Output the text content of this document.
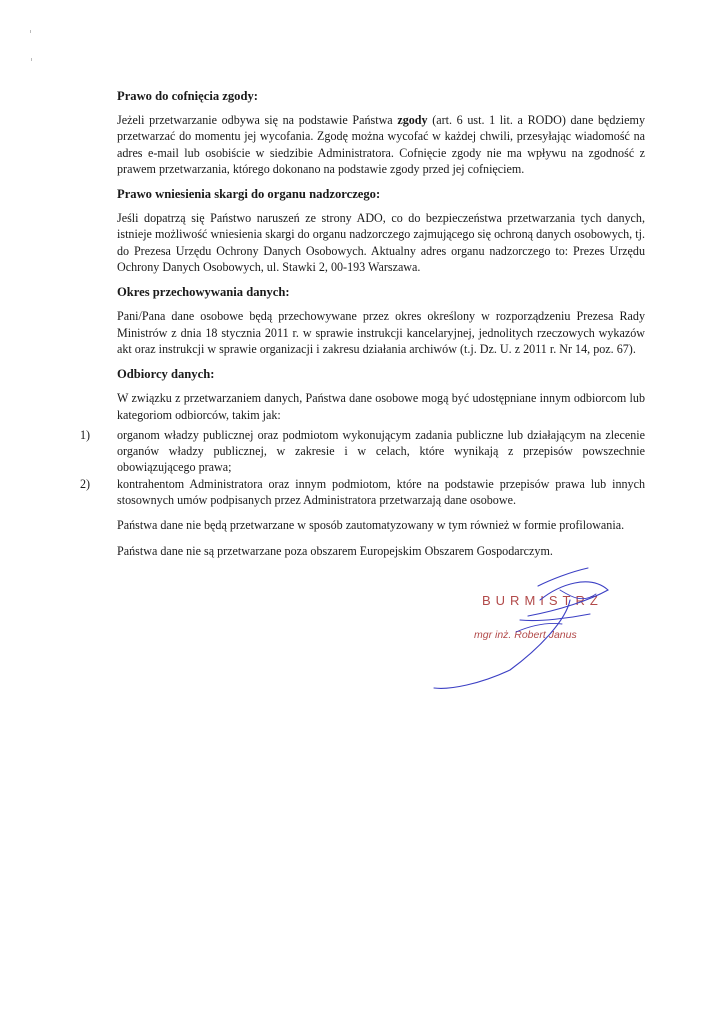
Prawo do cofnięcia zgody:

Jeżeli przetwarzanie odbywa się na podstawie Państwa zgody (art. 6 ust. 1 lit. a RODO) dane będziemy przetwarzać do momentu jej wycofania. Zgodę można wycofać w każdej chwili, przesyłając wiadomość na adres e-mail lub osobiście w siedzibie Administratora. Cofnięcie zgody nie ma wpływu na zgodność z prawem przetwarzania, którego dokonano na podstawie zgody przed jej cofnięciem.

Prawo wniesienia skargi do organu nadzorczego:

Jeśli dopatrzą się Państwo naruszeń ze strony ADO, co do bezpieczeństwa przetwarzania tych danych, istnieje możliwość wniesienia skargi do organu nadzorczego zajmującego się ochroną danych osobowych, tj. do Prezesa Urzędu Ochrony Danych Osobowych. Aktualny adres organu nadzorczego to: Prezes Urzędu Ochrony Danych Osobowych, ul. Stawki 2, 00-193 Warszawa.

Okres przechowywania danych:

Pani/Pana dane osobowe będą przechowywane przez okres określony w rozporządzeniu Prezesa Rady Ministrów z dnia 18 stycznia 2011 r. w sprawie instrukcji kancelaryjnej, jednolitych rzeczowych wykazów akt oraz instrukcji w sprawie organizacji i zakresu działania archiwów (t.j. Dz. U. z 2011 r. Nr 14, poz. 67).

Odbiorcy danych:

W związku z przetwarzaniem danych, Państwa dane osobowe mogą być udostępniane innym odbiorcom lub kategoriom odbiorców, takim jak:

1) organom władzy publicznej oraz podmiotom wykonującym zadania publiczne lub działającym na zlecenie organów władzy publicznej, w zakresie i w celach, które wynikają z przepisów powszechnie obowiązującego prawa;
2) kontrahentom Administratora oraz innym podmiotom, które na podstawie przepisów prawa lub innych stosownych umów podpisanych przez Administratora przetwarzają dane osobowe.

Państwa dane nie będą przetwarzane w sposób zautomatyzowany w tym również w formie profilowania.

Państwa dane nie są przetwarzane poza obszarem Europejskim Obszarem Gospodarczym.

BURMISTRZ
mgr inż. Robert Janus
